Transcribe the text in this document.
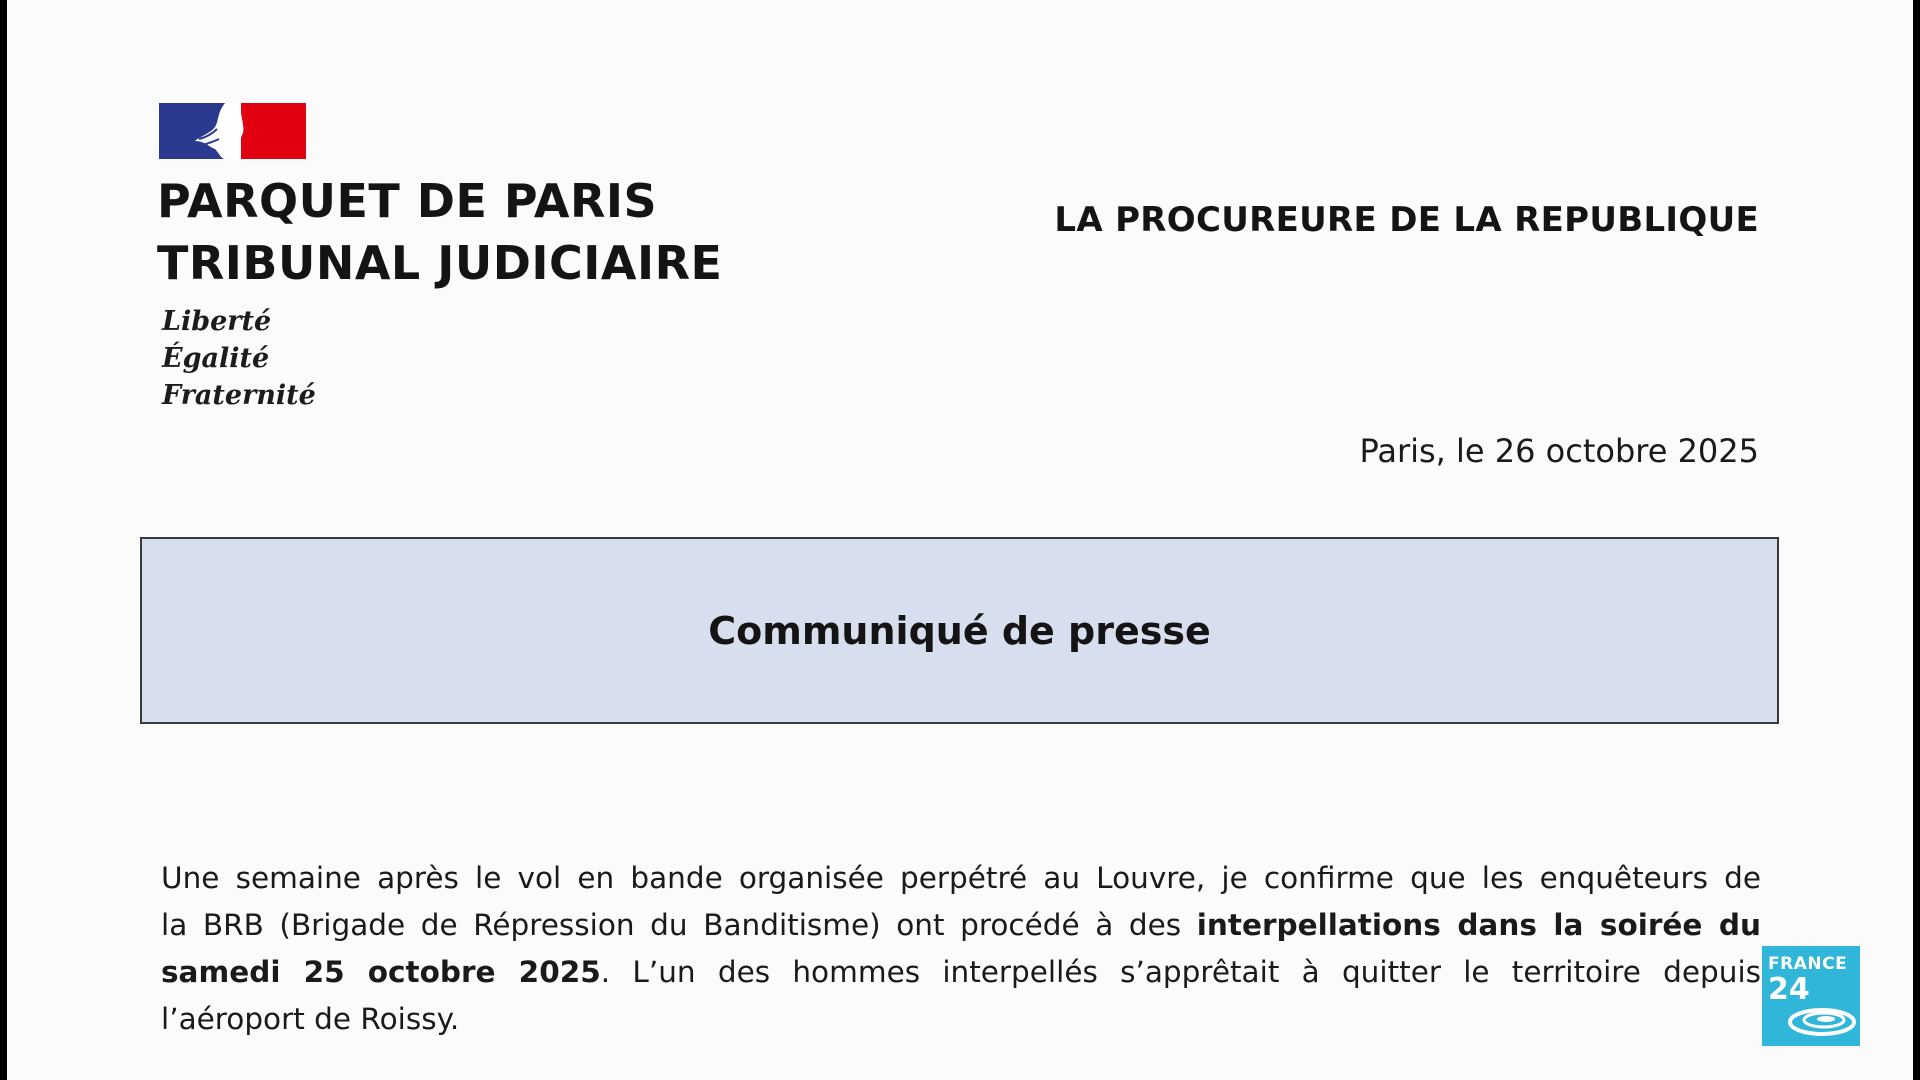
PARQUET DE PARIS
TRIBUNAL JUDICIAIRE
Liberté
Égalité
Fraternité
LA PROCUREURE DE LA REPUBLIQUE
Paris, le 26 octobre 2025
Communiqué de presse
Une semaine après le vol en bande organisée perpétré au Louvre, je confirme que les enquêteurs de
la BRB (Brigade de Répression du Banditisme) ont procédé à des interpellations dans la soirée du
samedi 25 octobre 2025. L’un des hommes interpellés s’apprêtait à quitter le territoire depuis
l’aéroport de Roissy.
FRANCE
24
